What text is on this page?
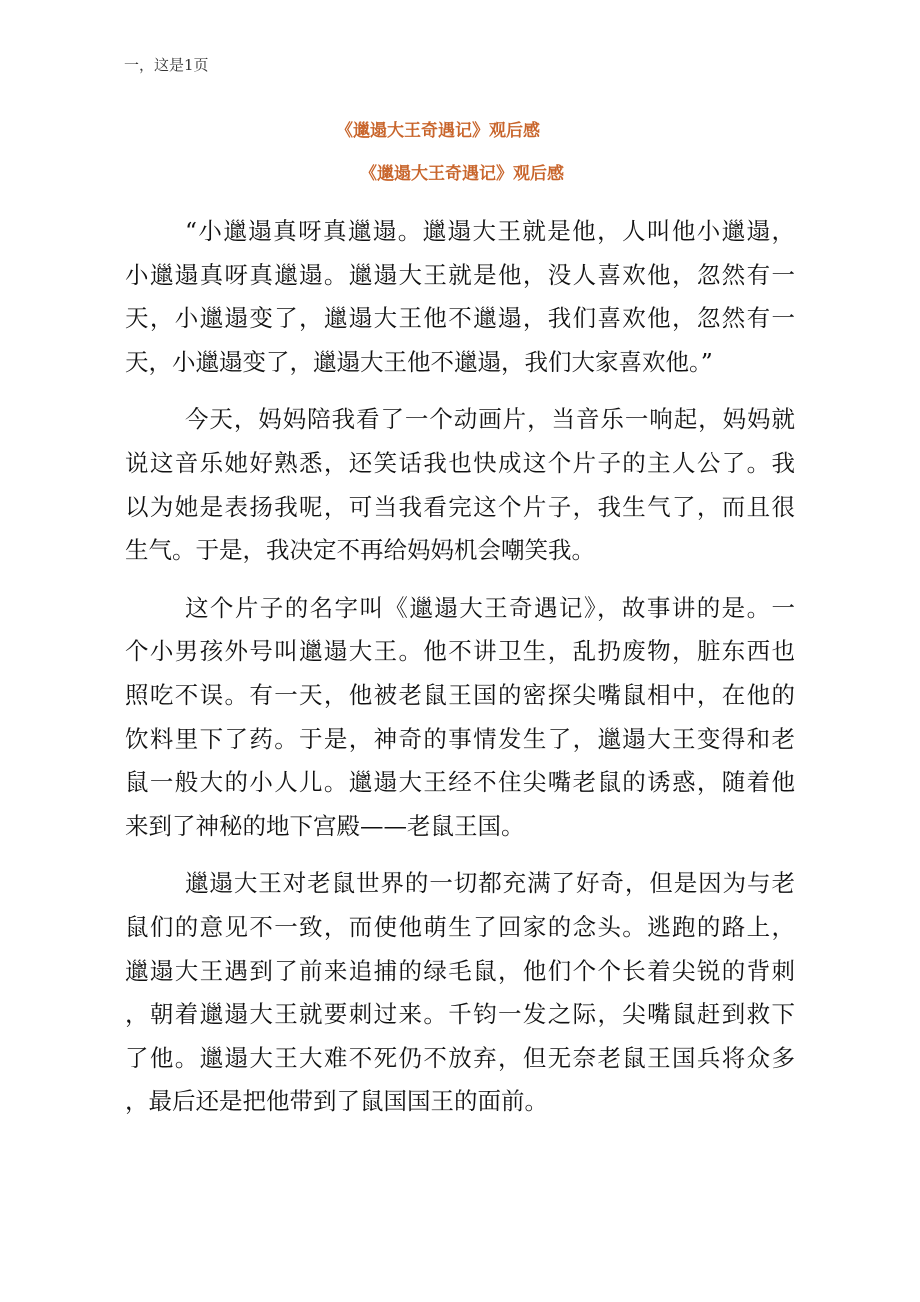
一，这是1页
《邋遢大王奇遇记》观后感
《邋遢大王奇遇记》观后感
“小邋遢真呀真邋遢。邋遢大王就是他，人叫他小邋遢，
小邋遢真呀真邋遢。邋遢大王就是他，没人喜欢他，忽然有一
天，小邋遢变了，邋遢大王他不邋遢，我们喜欢他，忽然有一
天，小邋遢变了，邋遢大王他不邋遢，我们大家喜欢他。”
今天，妈妈陪我看了一个动画片，当音乐一响起，妈妈就
说这音乐她好熟悉，还笑话我也快成这个片子的主人公了。我
以为她是表扬我呢，可当我看完这个片子，我生气了，而且很
生气。于是，我决定不再给妈妈机会嘲笑我。
这个片子的名字叫《邋遢大王奇遇记》，故事讲的是。一
个小男孩外号叫邋遢大王。他不讲卫生，乱扔废物，脏东西也
照吃不误。有一天，他被老鼠王国的密探尖嘴鼠相中，在他的
饮料里下了药。于是，神奇的事情发生了，邋遢大王变得和老
鼠一般大的小人儿。邋遢大王经不住尖嘴老鼠的诱惑，随着他
来到了神秘的地下宫殿——老鼠王国。
邋遢大王对老鼠世界的一切都充满了好奇，但是因为与老
鼠们的意见不一致，而使他萌生了回家的念头。逃跑的路上，
邋遢大王遇到了前来追捕的绿毛鼠，他们个个长着尖锐的背刺
，朝着邋遢大王就要刺过来。千钧一发之际，尖嘴鼠赶到救下
了他。邋遢大王大难不死仍不放弃，但无奈老鼠王国兵将众多
，最后还是把他带到了鼠国国王的面前。
